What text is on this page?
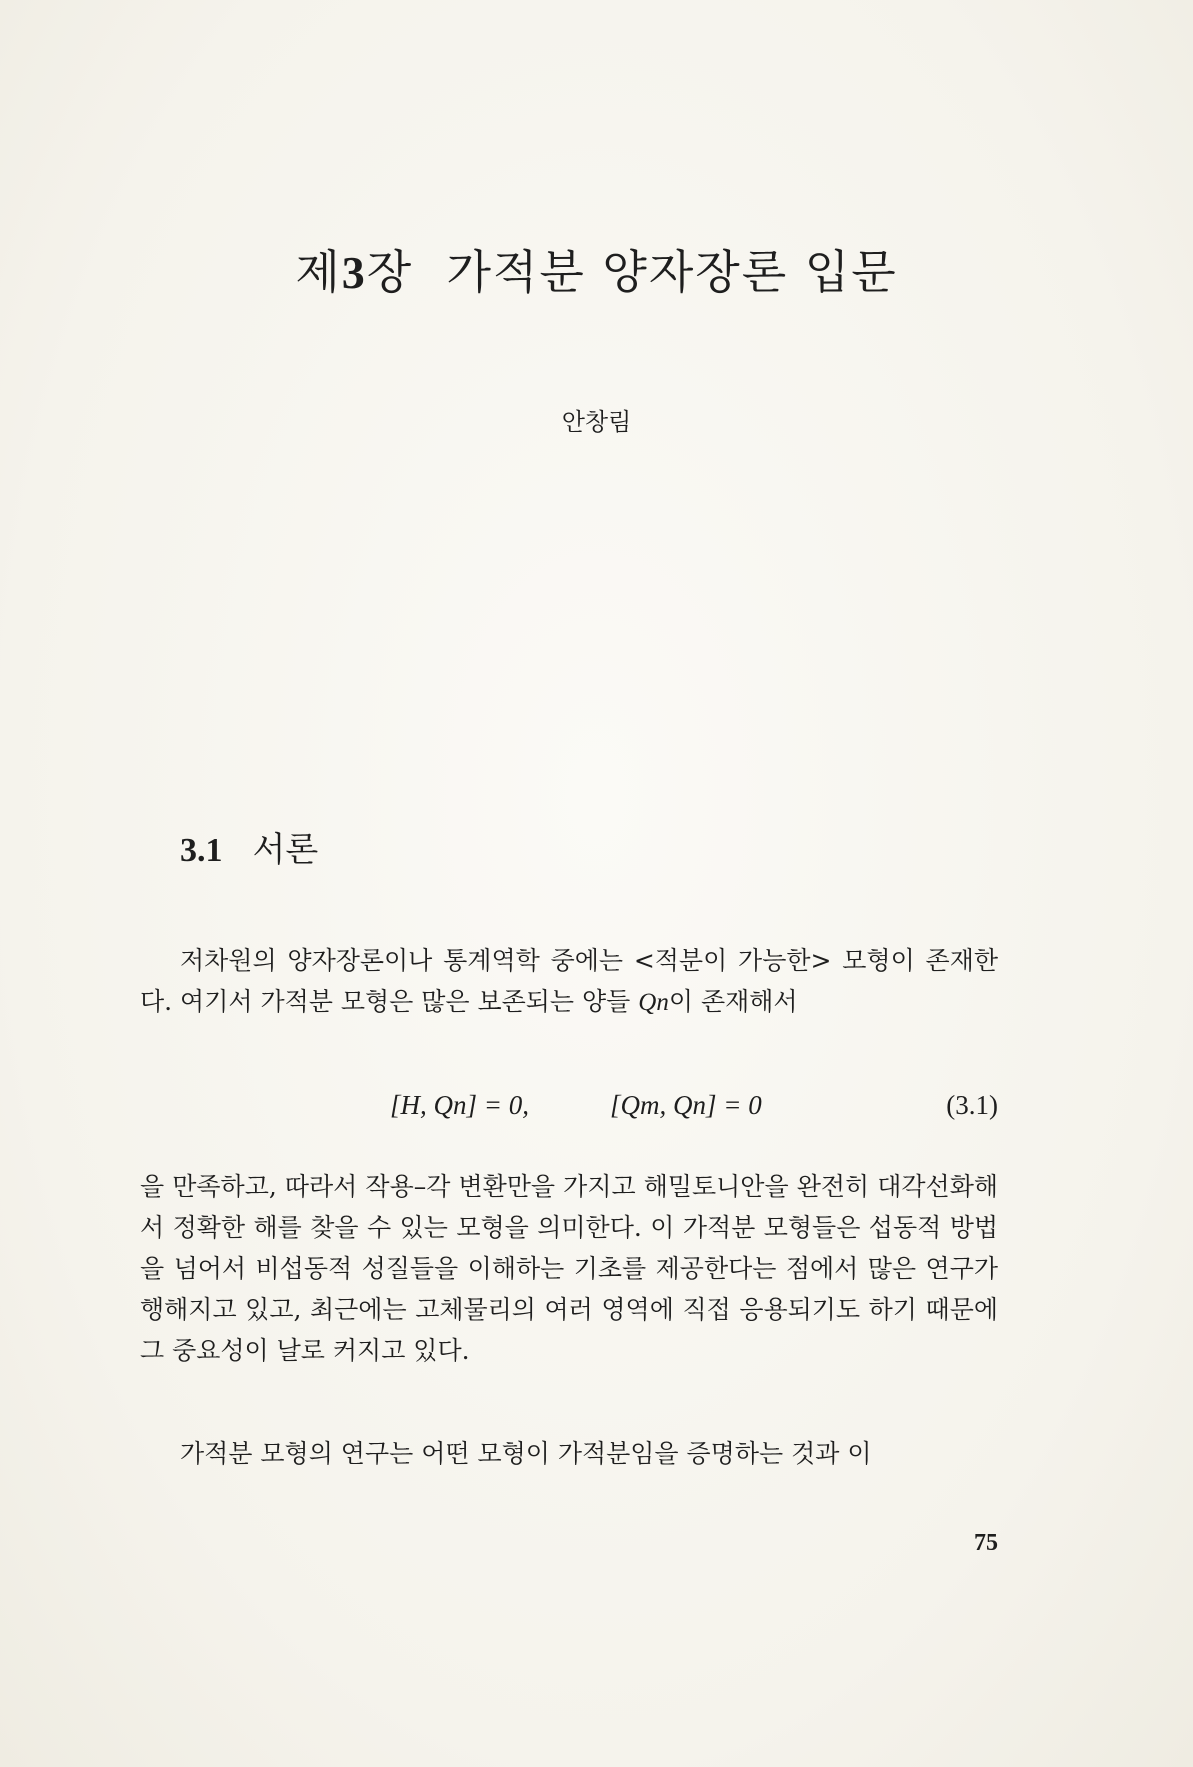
제3장 가적분 양자장론 입문
안창림
3.1 서론

저차원의 양자장론이나 통계역학 중에는 <적분이 가능한> 모형이 존재한다. 여기서 가적분 모형은 많은 보존되는 양들 Qn이 존재해서

[H, Qn] = 0,	[Qm, Qn] = 0	(3.1)

을 만족하고, 따라서 작용–각 변환만을 가지고 해밀토니안을 완전히 대각선화해서 정확한 해를 찾을 수 있는 모형을 의미한다. 이 가적분 모형들은 섭동적 방법을 넘어서 비섭동적 성질들을 이해하는 기초를 제공한다는 점에서 많은 연구가 행해지고 있고, 최근에는 고체물리의 여러 영역에 직접 응용되기도 하기 때문에 그 중요성이 날로 커지고 있다.

가적분 모형의 연구는 어떤 모형이 가적분임을 증명하는 것과 이

75
